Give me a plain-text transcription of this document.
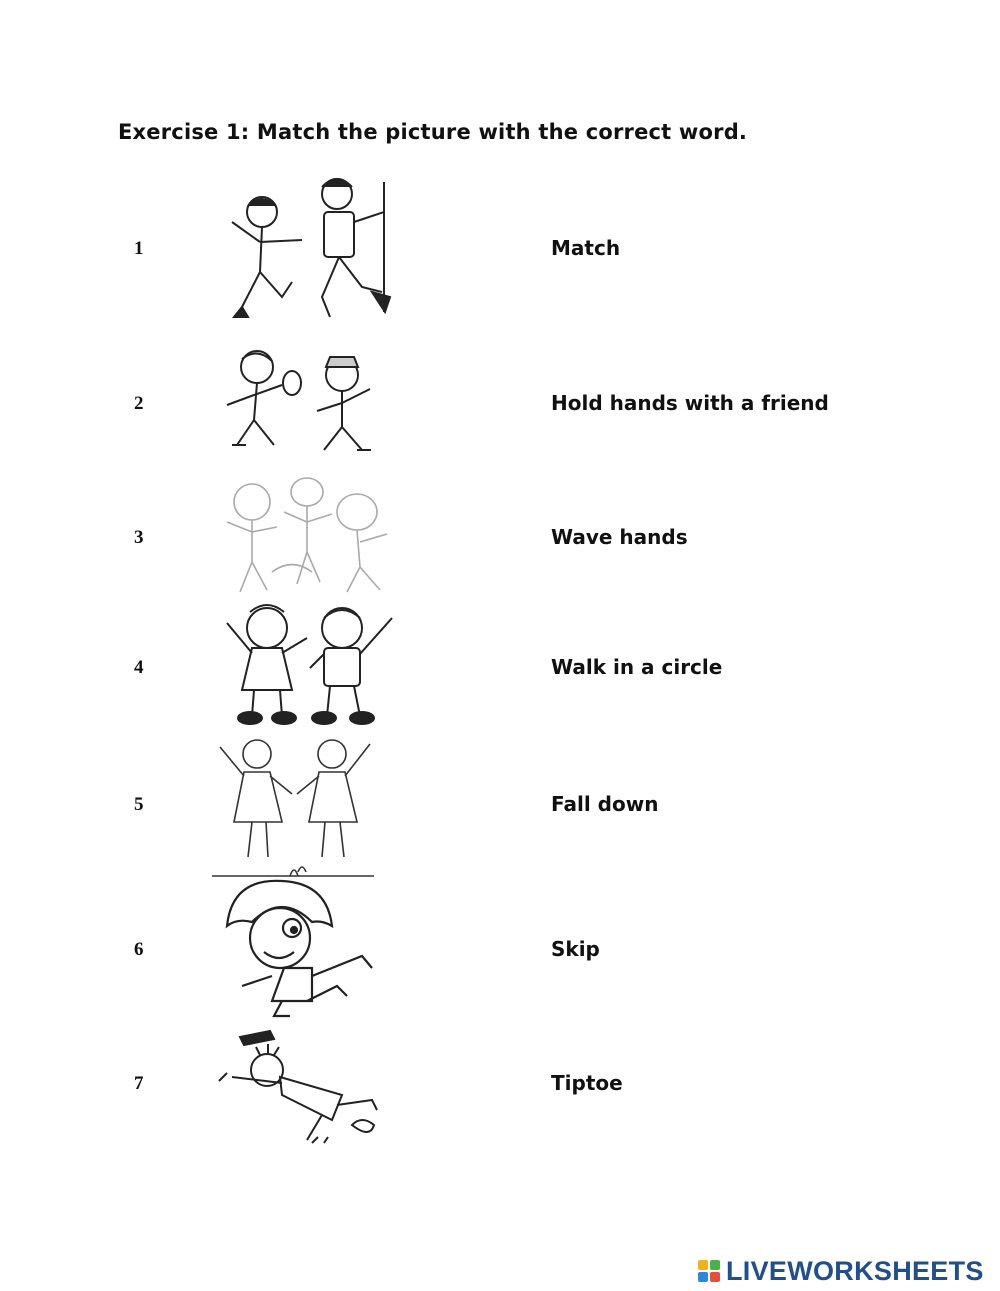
Exercise 1: Match the picture with the correct word.
1	Match
2	Hold hands with a friend
3	Wave hands
4	Walk in a circle
5	Fall down
6	Skip
7	Tiptoe
LIVEWORKSHEETS
